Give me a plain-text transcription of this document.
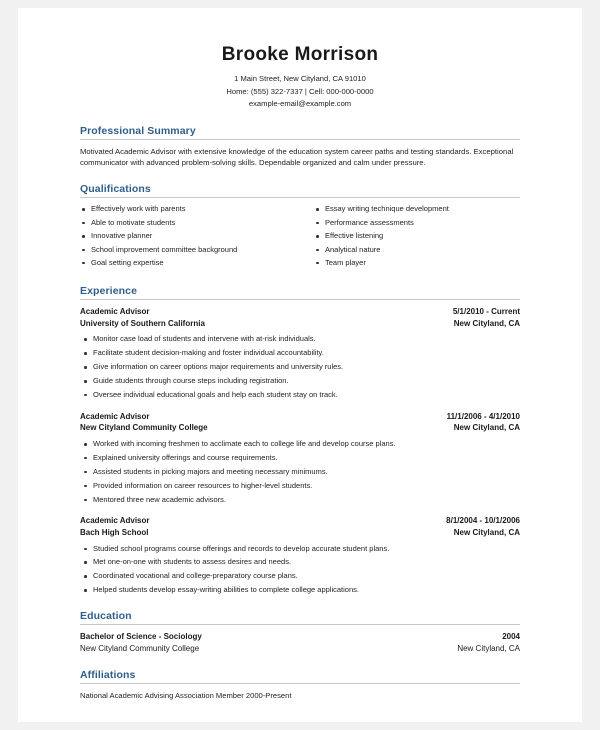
Brooke Morrison
1 Main Street, New Cityland, CA 91010
Home: (555) 322-7337 | Cell: 000-000-0000
example-email@example.com
Professional Summary

Motivated Academic Advisor with extensive knowledge of the education system career paths and testing standards. Exceptional communicator with advanced problem-solving skills. Dependable organized and calm under pressure.

Qualifications
Effectively work with parents
Able to motivate students
Innovative planner
School improvement committee background
Goal setting expertise
Essay writing technique development
Performance assessments
Effective listening
Analytical nature
Team player
Experience
Academic Advisor	5/1/2010 - Current
University of Southern California	New Cityland, CA
Monitor case load of students and intervene with at-risk individuals.
Facilitate student decision-making and foster individual accountability.
Give information on career options major requirements and university rules.
Guide students through course steps including registration.
Oversee individual educational goals and help each student stay on track.
Academic Advisor	11/1/2006 - 4/1/2010
New Cityland Community College	New Cityland, CA
Worked with incoming freshmen to acclimate each to college life and develop course plans.
Explained university offerings and course requirements.
Assisted students in picking majors and meeting necessary minimums.
Provided information on career resources to higher-level students.
Mentored three new academic advisors.
Academic Advisor	8/1/2004 - 10/1/2006
Bach High School	New Cityland, CA
Studied school programs course offerings and records to develop accurate student plans.
Met one-on-one with students to assess desires and needs.
Coordinated vocational and college-preparatory course plans.
Helped students develop essay-writing abilities to complete college applications.
Education
Bachelor of Science - Sociology	2004
New Cityland Community College	New Cityland, CA
Affiliations

National Academic Advising Association Member 2000-Present
